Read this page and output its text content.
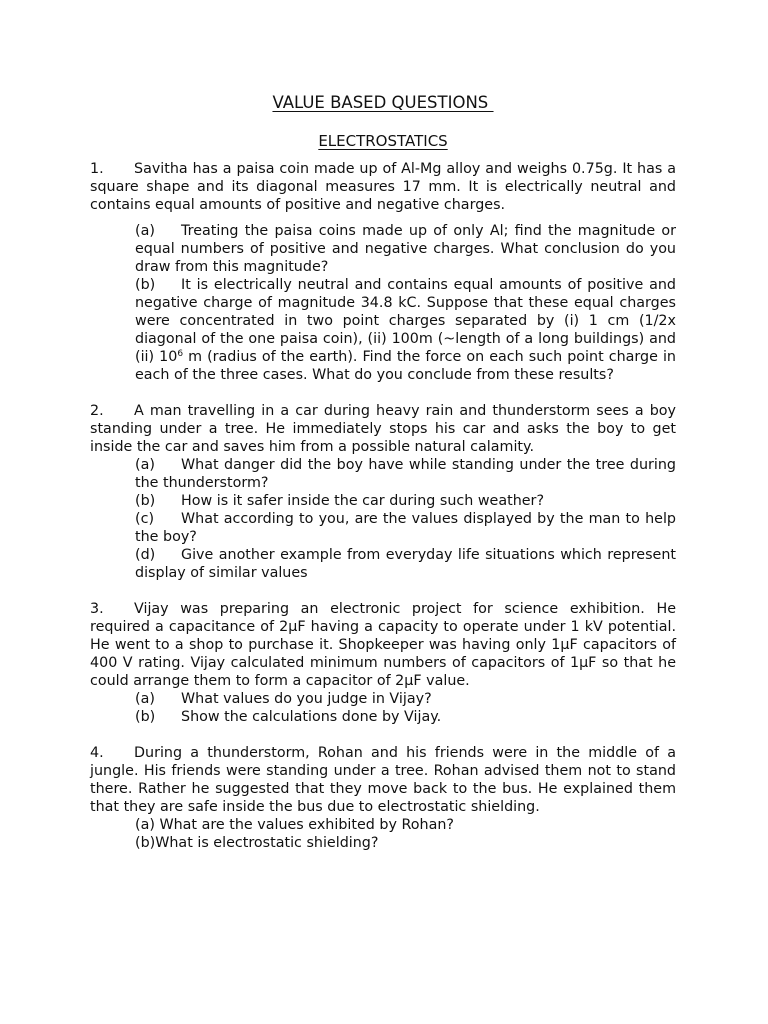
VALUE BASED QUESTIONS
ELECTROSTATICS

1. Savitha has a paisa coin made up of Al-Mg alloy and weighs 0.75g. It has a square shape and its diagonal measures 17 mm. It is electrically neutral and contains equal amounts of positive and negative charges.

(a) Treating the paisa coins made up of only Al; find the magnitude or equal numbers of positive and negative charges. What conclusion do you draw from this magnitude?

(b) It is electrically neutral and contains equal amounts of positive and negative charge of magnitude 34.8 kC. Suppose that these equal charges were concentrated in two point charges separated by (i) 1 cm (1/2x diagonal of the one paisa coin), (ii) 100m (~length of a long buildings) and (ii) $10^6$ m (radius of the earth). Find the force on each such point charge in each of the three cases. What do you conclude from these results?

2. A man travelling in a car during heavy rain and thunderstorm sees a boy standing under a tree. He immediately stops his car and asks the boy to get inside the car and saves him from a possible natural calamity.

(a) What danger did the boy have while standing under the tree during the thunderstorm?

(b) How is it safer inside the car during such weather?

(c) What according to you, are the values displayed by the man to help the boy?

(d) Give another example from everyday life situations which represent display of similar values

3. Vijay was preparing an electronic project for science exhibition. He required a capacitance of 2μF having a capacity to operate under 1 kV potential. He went to a shop to purchase it. Shopkeeper was having only 1μF capacitors of 400 V rating. Vijay calculated minimum numbers of capacitors of 1μF so that he could arrange them to form a capacitor of 2μF value.

(a) What values do you judge in Vijay?

(b) Show the calculations done by Vijay.

4. During a thunderstorm, Rohan and his friends were in the middle of a jungle. His friends were standing under a tree. Rohan advised them not to stand there. Rather he suggested that they move back to the bus. He explained them that they are safe inside the bus due to electrostatic shielding.

(a) What are the values exhibited by Rohan?

(b)What is electrostatic shielding?
